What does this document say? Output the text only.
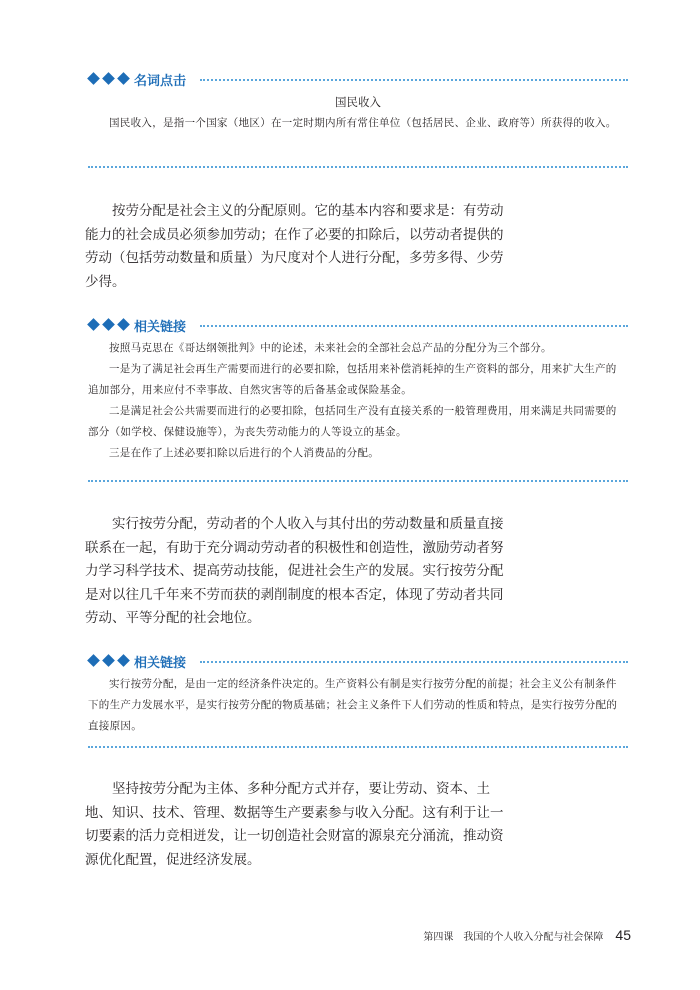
名词点击
国民收入
国民收入，是指一个国家（地区）在一定时期内所有常住单位（包括居民、企业、政府等）所获得的收入。

按劳分配是社会主义的分配原则。它的基本内容和要求是：有劳动能力的社会成员必须参加劳动；在作了必要的扣除后，以劳动者提供的劳动（包括劳动数量和质量）为尺度对个人进行分配，多劳多得、少劳少得。

相关链接
按照马克思在《哥达纲领批判》中的论述，未来社会的全部社会总产品的分配分为三个部分。
一是为了满足社会再生产需要而进行的必要扣除，包括用来补偿消耗掉的生产资料的部分，用来扩大生产的追加部分，用来应付不幸事故、自然灾害等的后备基金或保险基金。
二是满足社会公共需要而进行的必要扣除，包括同生产没有直接关系的一般管理费用，用来满足共同需要的部分（如学校、保健设施等），为丧失劳动能力的人等设立的基金。
三是在作了上述必要扣除以后进行的个人消费品的分配。

实行按劳分配，劳动者的个人收入与其付出的劳动数量和质量直接联系在一起，有助于充分调动劳动者的积极性和创造性，激励劳动者努力学习科学技术、提高劳动技能，促进社会生产的发展。实行按劳分配是对以往几千年来不劳而获的剥削制度的根本否定，体现了劳动者共同劳动、平等分配的社会地位。

相关链接
实行按劳分配，是由一定的经济条件决定的。生产资料公有制是实行按劳分配的前提；社会主义公有制条件下的生产力发展水平，是实行按劳分配的物质基础；社会主义条件下人们劳动的性质和特点，是实行按劳分配的直接原因。

坚持按劳分配为主体、多种分配方式并存，要让劳动、资本、土地、知识、技术、管理、数据等生产要素参与收入分配。这有利于让一切要素的活力竞相迸发，让一切创造社会财富的源泉充分涌流，推动资源优化配置，促进经济发展。

第四课　我国的个人收入分配与社会保障 45
